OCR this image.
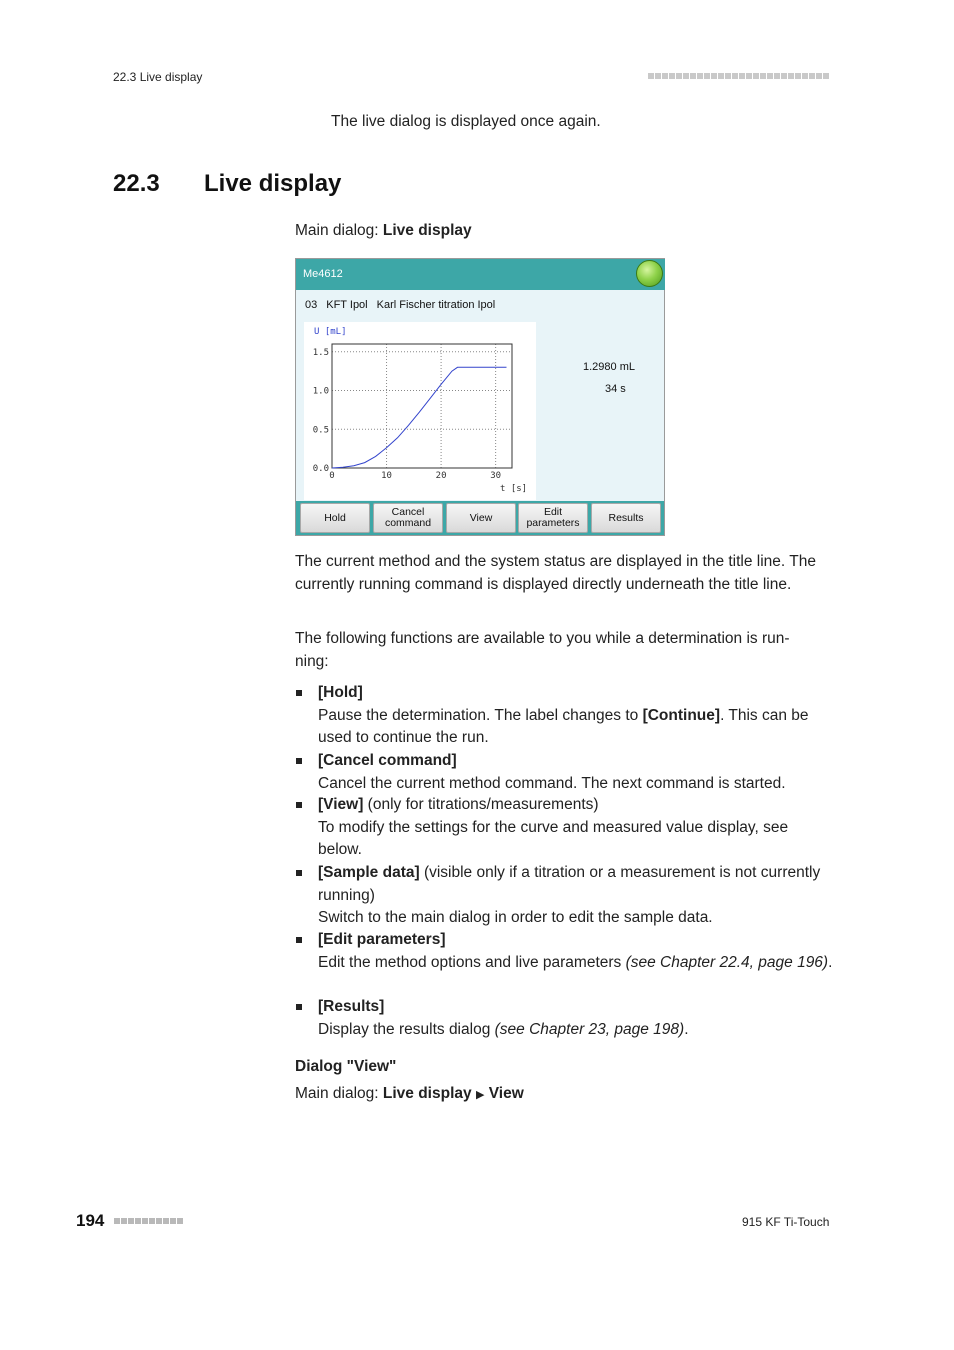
22.3 Live display
The live dialog is displayed once again.
22.3 Live display
Main dialog: Live display
Me4612
03 KFT Ipol Karl Fischer titration Ipol
1.5
1.0
0.5
0.0
0	10	20	30
U [mL]
t [s]
1.2980 mL
34 s
Hold	Cancel
command	View	Edit
parameters	Results
The current method and the system status are displayed in the title line. The currently running command is displayed directly underneath the title line.
The following functions are available to you while a determination is run-
ning:
[Hold]
Pause the determination. The label changes to [Continue]. This can be used to continue the run.
[Cancel command]
Cancel the current method command. The next command is started.
[View] (only for titrations/measurements)
To modify the settings for the curve and measured value display, see below.
[Sample data] (visible only if a titration or a measurement is not currently running)
Switch to the main dialog in order to edit the sample data.
[Edit parameters]
Edit the method options and live parameters (see Chapter 22.4, page 196).
[Results]
Display the results dialog (see Chapter 23, page 198).
Dialog "View"
Main dialog: Live display ▶ View
194	915 KF Ti-Touch
